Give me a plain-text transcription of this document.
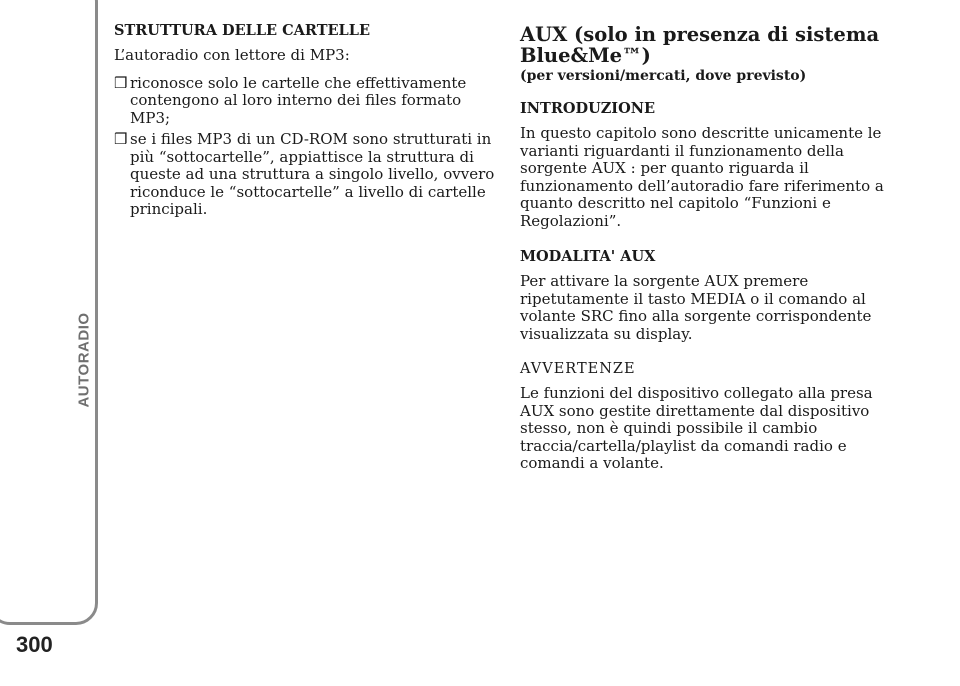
AUTORADIO
300
STRUTTURA DELLE CARTELLE
L’autoradio con lettore di MP3:
❒ riconosce solo le cartelle che effettivamente contengono al loro interno dei files formato MP3;
❒ se i files MP3 di un CD-ROM sono strutturati in più “sottocartelle”, appiattisce la struttura di queste ad una struttura a singolo livello, ovvero riconduce le “sottocartelle” a livello di cartelle principali.
AUX (solo in presenza di sistema Blue&Me™)
(per versioni/mercati, dove previsto)
INTRODUZIONE
In questo capitolo sono descritte unicamente le varianti riguardanti il funzionamento della sorgente AUX : per quanto riguarda il funzionamento dell’autoradio fare riferimento a quanto descritto nel capitolo “Funzioni e Regolazioni”.
MODALITA' AUX
Per attivare la sorgente AUX premere ripetutamente il tasto MEDIA o il comando al volante SRC fino alla sorgente corrispondente visualizzata su display.
AVVERTENZE
Le funzioni del dispositivo collegato alla presa AUX sono gestite direttamente dal dispositivo stesso, non è quindi possibile il cambio traccia/cartella/playlist da comandi radio e comandi a volante.
